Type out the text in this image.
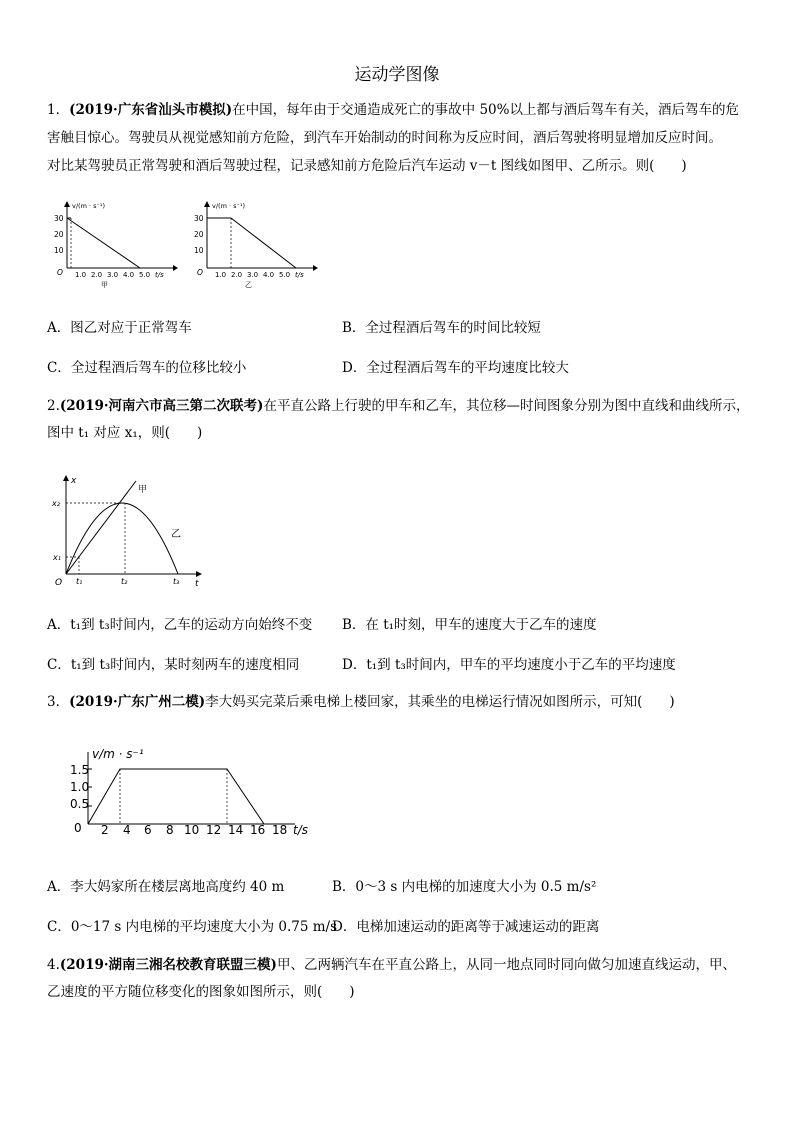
运动学图像
1．(2019·广东省汕头市模拟)在中国，每年由于交通造成死亡的事故中 50%以上都与酒后驾车有关，酒后驾车的危
害触目惊心。驾驶员从视觉感知前方危险，到汽车开始制动的时间称为反应时间，酒后驾驶将明显增加反应时间。
对比某驾驶员正常驾驶和酒后驾驶过程，记录感知前方危险后汽车运动 v－t 图线如图甲、乙所示。则(　　)
v/(m · s⁻¹)
30
20
10
O 1.0 2.0 3.0 4.0 5.0 t/s
甲
v/(m · s⁻¹)
30
20
10
O 1.0 2.0 3.0 4.0 5.0 t/s
乙
A．图乙对应于正常驾车	B．全过程酒后驾车的时间比较短
C．全过程酒后驾车的位移比较小	D．全过程酒后驾车的平均速度比较大
2.(2019·河南六市高三第二次联考)在平直公路上行驶的甲车和乙车，其位移—时间图象分别为图中直线和曲线所示，
图中 t₁ 对应 x₁，则(　　)
x
t
O
x₂
x₁
t₁	t₂	t₃
甲
乙
A．t₁到 t₃时间内，乙车的运动方向始终不变 B．在 t₁时刻，甲车的速度大于乙车的速度
C．t₁到 t₃时间内，某时刻两车的速度相同	D．t₁到 t₃时间内，甲车的平均速度小于乙车的平均速度
3．(2019·广东广州二模)李大妈买完菜后乘电梯上楼回家，其乘坐的电梯运行情况如图所示，可知(　　)
v/m · s⁻¹
1.5
1.0
0.5
0 2 4 6 8 10 12 14 16 18 t/s
A．李大妈家所在楼层离地高度约 40 m	B．0～3 s 内电梯的加速度大小为 0.5 m/s²
C．0～17 s 内电梯的平均速度大小为 0.75 m/s
D．电梯加速运动的距离等于减速运动的距离
4.(2019·湖南三湘名校教育联盟三模)甲、乙两辆汽车在平直公路上，从同一地点同时同向做匀加速直线运动，甲、
乙速度的平方随位移变化的图象如图所示，则(　　)
